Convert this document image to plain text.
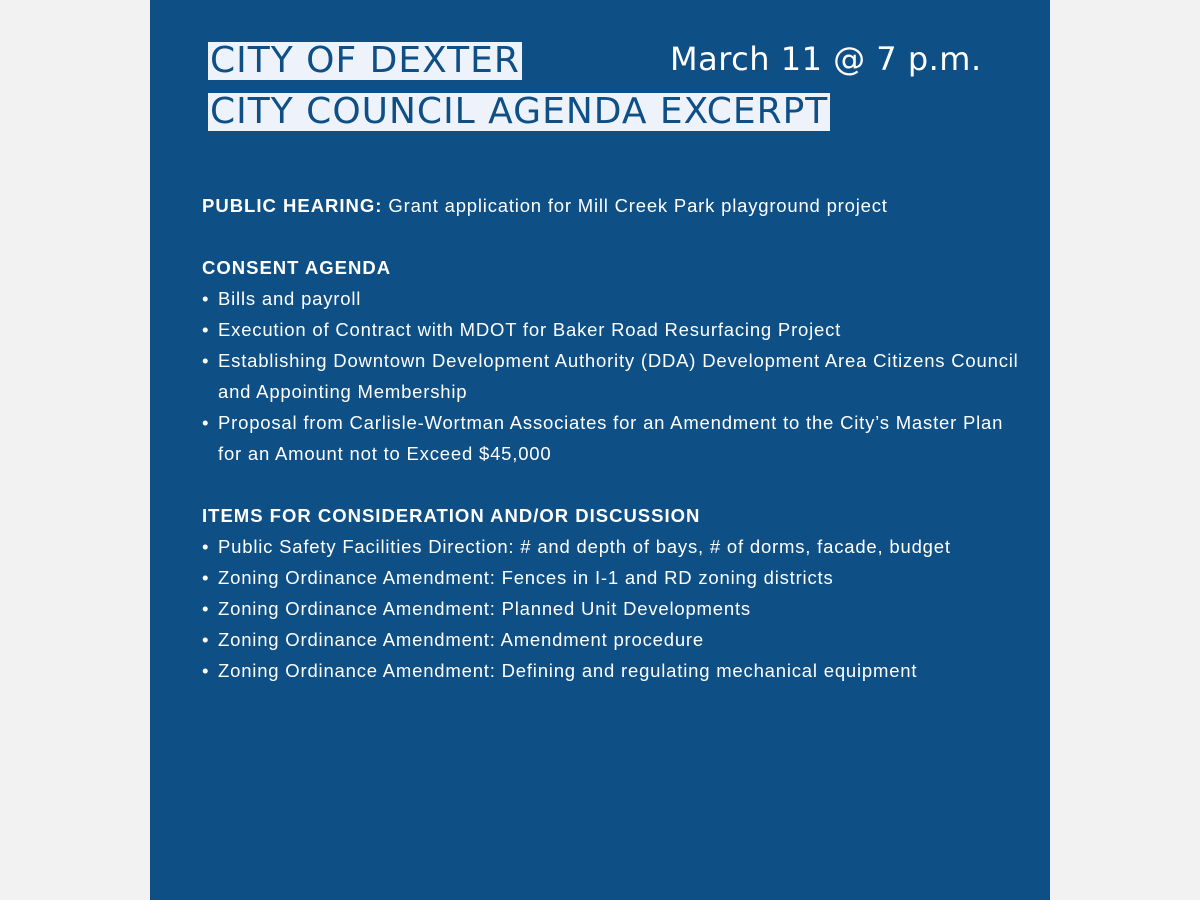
CITY OF DEXTER
CITY COUNCIL AGENDA EXCERPT
March 11 @ 7 p.m.
PUBLIC HEARING: Grant application for Mill Creek Park playground project
CONSENT AGENDA
• Bills and payroll
• Execution of Contract with MDOT for Baker Road Resurfacing Project
• Establishing Downtown Development Authority (DDA) Development Area Citizens Council and Appointing Membership
• Proposal from Carlisle-Wortman Associates for an Amendment to the City’s Master Plan for an Amount not to Exceed $45,000
ITEMS FOR CONSIDERATION AND/OR DISCUSSION
• Public Safety Facilities Direction: # and depth of bays, # of dorms, facade, budget
• Zoning Ordinance Amendment: Fences in I-1 and RD zoning districts
• Zoning Ordinance Amendment: Planned Unit Developments
• Zoning Ordinance Amendment: Amendment procedure
• Zoning Ordinance Amendment: Defining and regulating mechanical equipment
